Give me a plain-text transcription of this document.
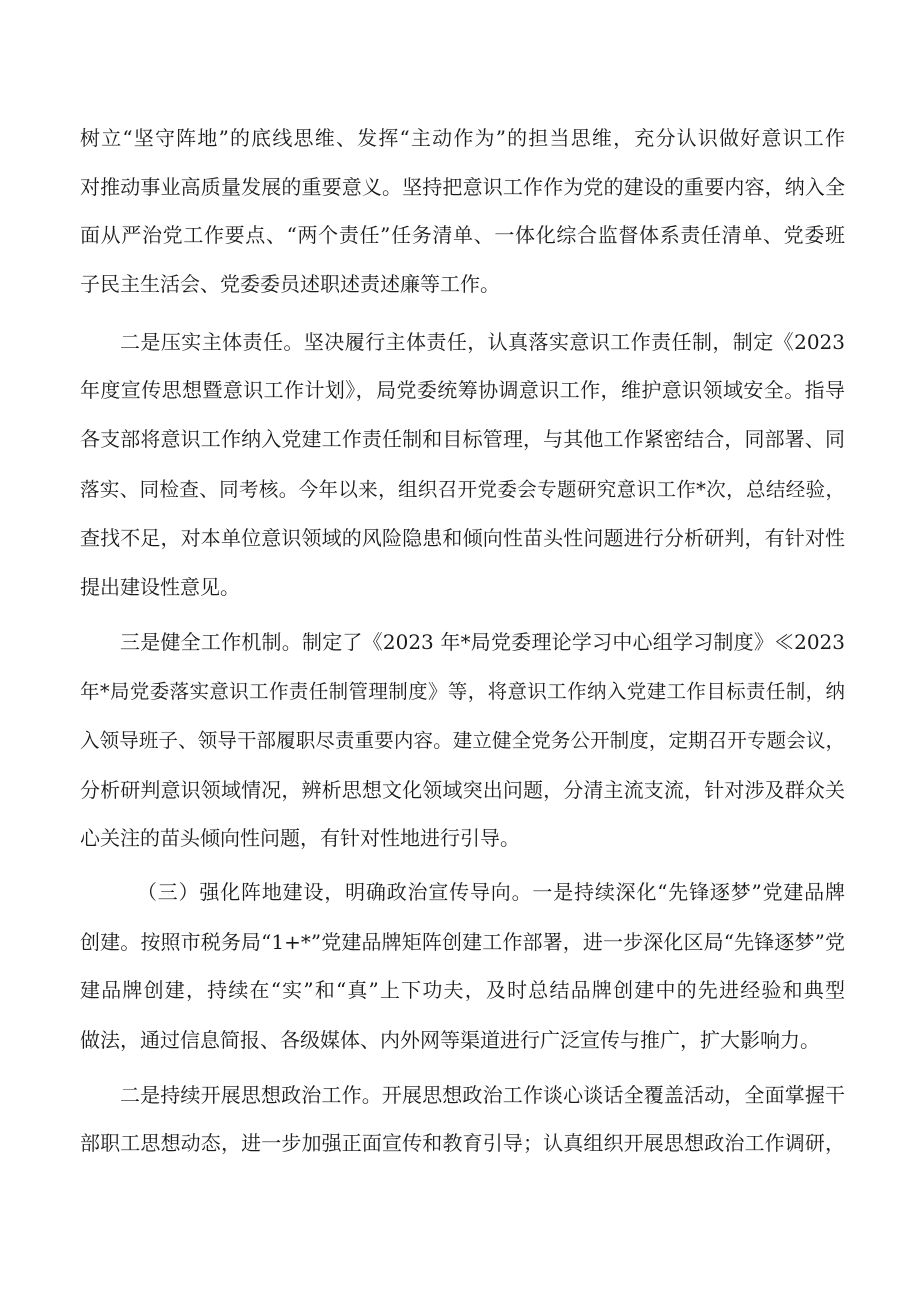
树立“坚守阵地”的底线思维、发挥“主动作为”的担当思维，充分认识做好意识工作
对推动事业高质量发展的重要意义。坚持把意识工作作为党的建设的重要内容，纳入全
面从严治党工作要点、“两个责任”任务清单、一体化综合监督体系责任清单、党委班
子民主生活会、党委委员述职述责述廉等工作。
二是压实主体责任。坚决履行主体责任，认真落实意识工作责任制，制定《2023
年度宣传思想暨意识工作计划》，局党委统筹协调意识工作，维护意识领域安全。指导
各支部将意识工作纳入党建工作责任制和目标管理，与其他工作紧密结合，同部署、同
落实、同检查、同考核。今年以来，组织召开党委会专题研究意识工作*次，总结经验，
查找不足，对本单位意识领域的风险隐患和倾向性苗头性问题进行分析研判，有针对性
提出建设性意见。
三是健全工作机制。制定了《2023 年*局党委理论学习中心组学习制度》≪2023
年*局党委落实意识工作责任制管理制度》等，将意识工作纳入党建工作目标责任制，纳
入领导班子、领导干部履职尽责重要内容。建立健全党务公开制度，定期召开专题会议，
分析研判意识领域情况，辨析思想文化领域突出问题，分清主流支流，针对涉及群众关
心关注的苗头倾向性问题，有针对性地进行引导。
（三）强化阵地建设，明确政治宣传导向。一是持续深化“先锋逐梦”党建品牌
创建。按照市税务局“1+*”党建品牌矩阵创建工作部署，进一步深化区局“先锋逐梦”党
建品牌创建，持续在“实”和“真”上下功夫，及时总结品牌创建中的先进经验和典型
做法，通过信息简报、各级媒体、内外网等渠道进行广泛宣传与推广，扩大影响力。
二是持续开展思想政治工作。开展思想政治工作谈心谈话全覆盖活动，全面掌握干
部职工思想动态，进一步加强正面宣传和教育引导；认真组织开展思想政治工作调研，
